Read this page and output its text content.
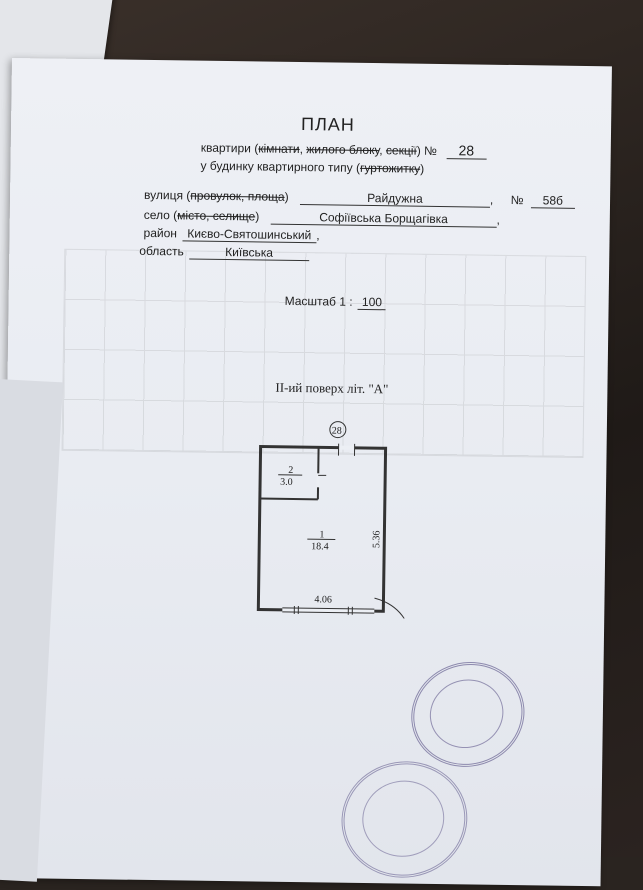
ПЛАН
квартири (кімнати, жилого блоку, секції) № 28
у будинку квартирного типу (гуртожитку)
вулиця (провулок, площа)	Райдужна	, № 58б
село (місто, селище)	Софіївська Борщагівка	,
район Києво-Святошинський ,
область	Київська
Масштаб 1 : 100
ІІ-ий поверх літ. "А"
28
2
3.0
1
18.4
4.06
5.36
